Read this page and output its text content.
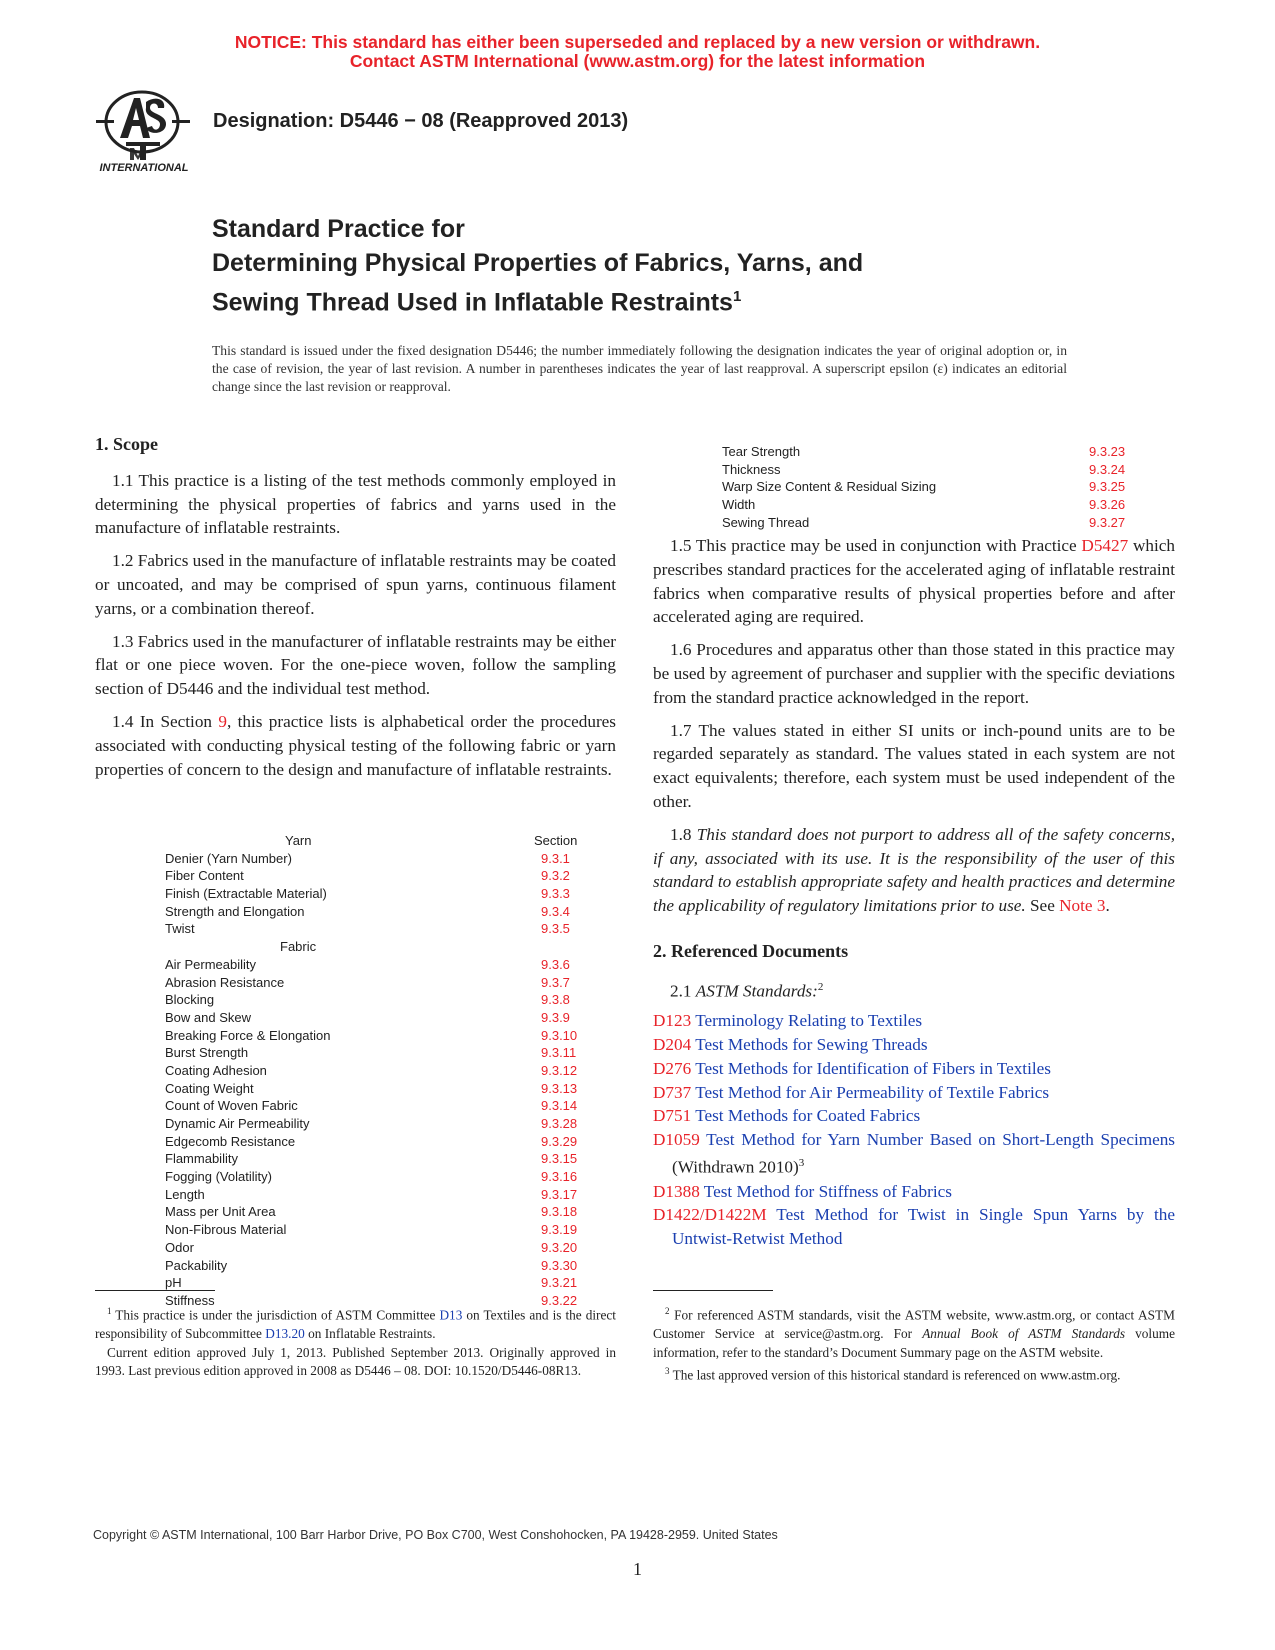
NOTICE: This standard has either been superseded and replaced by a new version or withdrawn.
Contact ASTM International (www.astm.org) for the latest information
INTERNATIONAL
Designation: D5446 − 08 (Reapproved 2013)
Standard Practice for
Determining Physical Properties of Fabrics, Yarns, and
Sewing Thread Used in Inflatable Restraints$^1$
This standard is issued under the fixed designation D5446; the number immediately following the designation indicates the year of original adoption or, in the case of revision, the year of last revision. A number in parentheses indicates the year of last reapproval. A superscript epsilon (ε) indicates an editorial change since the last revision or reapproval.
1. Scope

1.1 This practice is a listing of the test methods commonly employed in determining the physical properties of fabrics and yarns used in the manufacture of inflatable restraints.

1.2 Fabrics used in the manufacture of inflatable restraints may be coated or uncoated, and may be comprised of spun yarns, continuous filament yarns, or a combination thereof.

1.3 Fabrics used in the manufacturer of inflatable restraints may be either flat or one piece woven. For the one-piece woven, follow the sampling section of D5446 and the individual test method.

1.4 In Section 9, this practice lists is alphabetical order the procedures associated with conducting physical testing of the following fabric or yarn properties of concern to the design and manufacture of inflatable restraints.

Yarn	Section
Denier (Yarn Number)	9.3.1
Fiber Content	9.3.2
Finish (Extractable Material)	9.3.3
Strength and Elongation	9.3.4
Twist	9.3.5
Fabric
Air Permeability	9.3.6
Abrasion Resistance	9.3.7
Blocking	9.3.8
Bow and Skew	9.3.9
Breaking Force & Elongation	9.3.10
Burst Strength	9.3.11
Coating Adhesion	9.3.12
Coating Weight	9.3.13
Count of Woven Fabric	9.3.14
Dynamic Air Permeability	9.3.28
Edgecomb Resistance	9.3.29
Flammability	9.3.15
Fogging (Volatility)	9.3.16
Length	9.3.17
Mass per Unit Area	9.3.18
Non-Fibrous Material	9.3.19
Odor	9.3.20
Packability	9.3.30
pH	9.3.21
Stiffness	9.3.22
Tear Strength	9.3.23
Thickness	9.3.24
Warp Size Content & Residual Sizing	9.3.25
Width	9.3.26
Sewing Thread	9.3.27

1.5 This practice may be used in conjunction with Practice D5427 which prescribes standard practices for the accelerated aging of inflatable restraint fabrics when comparative results of physical properties before and after accelerated aging are required.

1.6 Procedures and apparatus other than those stated in this practice may be used by agreement of purchaser and supplier with the specific deviations from the standard practice acknowledged in the report.

1.7 The values stated in either SI units or inch-pound units are to be regarded separately as standard. The values stated in each system are not exact equivalents; therefore, each system must be used independent of the other.

1.8 This standard does not purport to address all of the safety concerns, if any, associated with its use. It is the responsibility of the user of this standard to establish appropriate safety and health practices and determine the applicability of regulatory limitations prior to use. See Note 3.

2. Referenced Documents

2.1 ASTM Standards:$^2$

D123 Terminology Relating to Textiles

D204 Test Methods for Sewing Threads

D276 Test Methods for Identification of Fibers in Textiles

D737 Test Method for Air Permeability of Textile Fabrics

D751 Test Methods for Coated Fabrics

D1059 Test Method for Yarn Number Based on Short-Length Specimens (Withdrawn 2010)$^3$

D1388 Test Method for Stiffness of Fabrics

D1422/D1422M Test Method for Twist in Single Spun Yarns by the Untwist-Retwist Method

$^1$ This practice is under the jurisdiction of ASTM Committee D13 on Textiles and is the direct responsibility of Subcommittee D13.20 on Inflatable Restraints.

Current edition approved July 1, 2013. Published September 2013. Originally approved in 1993. Last previous edition approved in 2008 as D5446 – 08. DOI: 10.1520/D5446-08R13.

$^2$ For referenced ASTM standards, visit the ASTM website, www.astm.org, or contact ASTM Customer Service at service@astm.org. For Annual Book of ASTM Standards volume information, refer to the standard’s Document Summary page on the ASTM website.

$^3$ The last approved version of this historical standard is referenced on www.astm.org.

Copyright © ASTM International, 100 Barr Harbor Drive, PO Box C700, West Conshohocken, PA 19428-2959. United States
1
